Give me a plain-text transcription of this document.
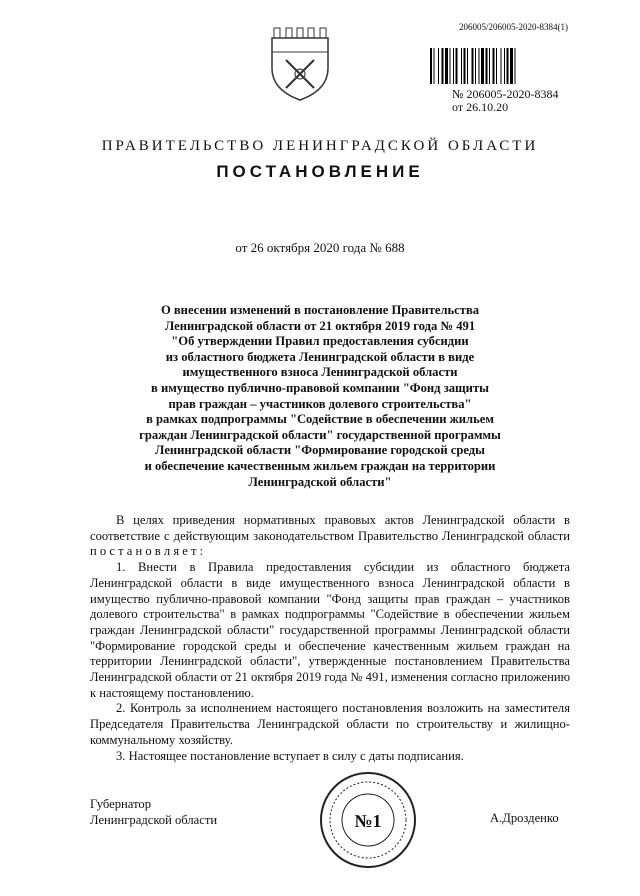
206005/206005-2020-8384(1)
№ 206005-2020-8384
от 26.10.20
ПРАВИТЕЛЬСТВО ЛЕНИНГРАДСКОЙ ОБЛАСТИ
ПОСТАНОВЛЕНИЕ
от 26 октября 2020 года № 688
О внесении изменений в постановление Правительства
Ленинградской области от 21 октября 2019 года № 491
"Об утверждении Правил предоставления субсидии
из областного бюджета Ленинградской области в виде
имущественного взноса Ленинградской области
в имущество публично-правовой компании "Фонд защиты
прав граждан – участников долевого строительства"
в рамках подпрограммы "Содействие в обеспечении жильем
граждан Ленинградской области" государственной программы
Ленинградской области "Формирование городской среды
и обеспечение качественным жильем граждан на территории
Ленинградской области"

В целях приведения нормативных правовых актов Ленинградской области в соответствие с действующим законодательством Правительство Ленинградской области п о с т а н о в л я е т :

1. Внести в Правила предоставления субсидии из областного бюджета Ленинградской области в виде имущественного взноса Ленинградской области в имущество публично-правовой компании "Фонд защиты прав граждан – участников долевого строительства" в рамках подпрограммы "Содействие в обеспечении жильем граждан Ленинградской области" государственной программы Ленинградской области "Формирование городской среды и обеспечение качественным жильем граждан на территории Ленинградской области", утвержденные постановлением Правительства Ленинградской области от 21 октября 2019 года № 491, изменения согласно приложению к настоящему постановлению.

2. Контроль за исполнением настоящего постановления возложить на заместителя Председателя Правительства Ленинградской области по строительству и жилищно-коммунальному хозяйству.

3. Настоящее постановление вступает в силу с даты подписания.

Губернатор
Ленинградской области	№1	А.Дрозденко
